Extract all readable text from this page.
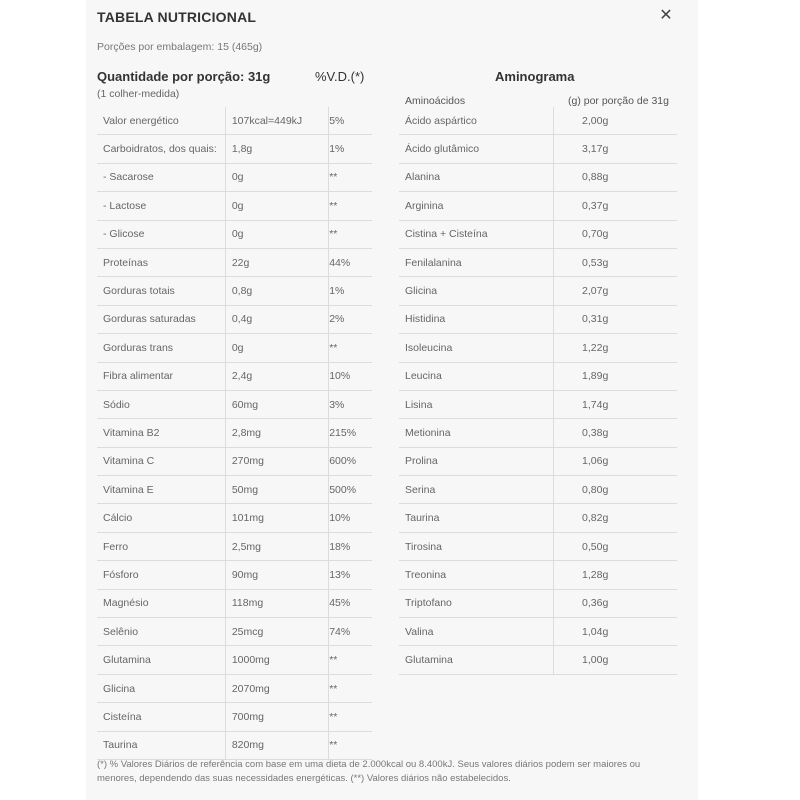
TABELA NUTRICIONAL	✕
Porções por embalagem: 15 (465g)
Quantidade por porção: 31g	%V.D.(*)
(1 colher-medida)
Aminograma
Aminoácidos	(g) por porção de 31g
Valor energético	107kcal=449kJ	5%
Carboidratos, dos quais:	1,8g	1%
- Sacarose	0g	**
- Lactose	0g	**
- Glicose	0g	**
Proteínas	22g	44%
Gorduras totais	0,8g	1%
Gorduras saturadas	0,4g	2%
Gorduras trans	0g	**
Fibra alimentar	2,4g	10%
Sódio	60mg	3%
Vitamina B2	2,8mg	215%
Vitamina C	270mg	600%
Vitamina E	50mg	500%
Cálcio	101mg	10%
Ferro	2,5mg	18%
Fósforo	90mg	13%
Magnésio	118mg	45%
Selênio	25mcg	74%
Glutamina	1000mg	**
Glicina	2070mg	**
Cisteína	700mg	**
Taurina	820mg	**
Ácido aspártico	2,00g
Ácido glutâmico	3,17g
Alanina	0,88g
Arginina	0,37g
Cistina + Cisteína	0,70g
Fenilalanina	0,53g
Glicina	2,07g
Histidina	0,31g
Isoleucina	1,22g
Leucina	1,89g
Lisina	1,74g
Metionina	0,38g
Prolina	1,06g
Serina	0,80g
Taurina	0,82g
Tirosina	0,50g
Treonina	1,28g
Triptofano	0,36g
Valina	1,04g
Glutamina	1,00g
(*) % Valores Diários de referência com base em uma dieta de 2.000kcal ou 8.400kJ. Seus valores diários podem ser maiores ou menores, dependendo das suas necessidades energéticas. (**) Valores diários não estabelecidos.
